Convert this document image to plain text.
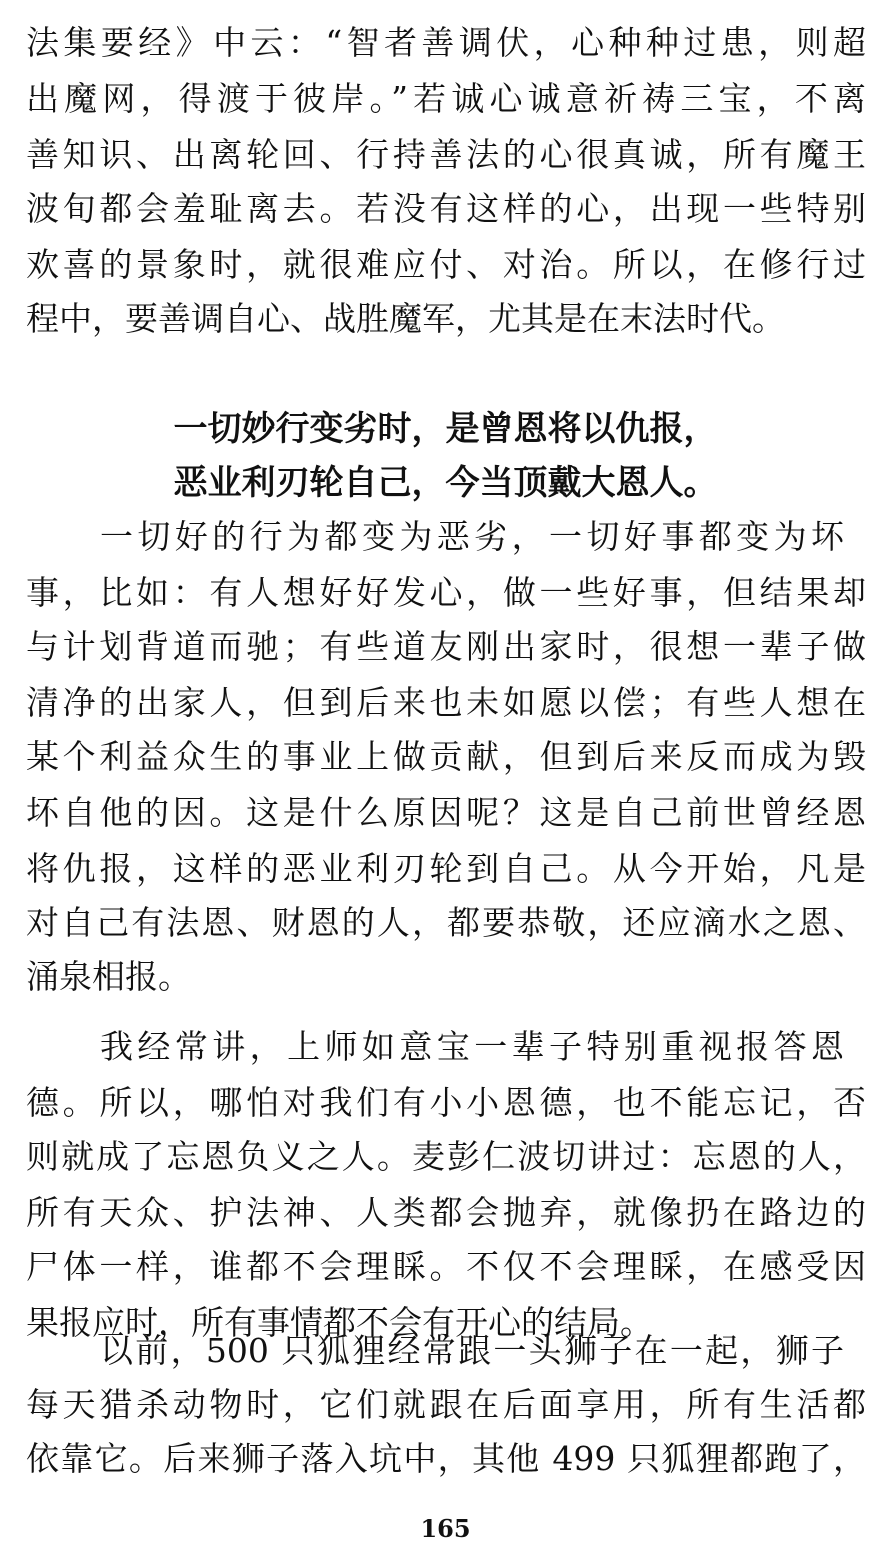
法集要经》中云：“智者善调伏，心种种过患，则超
出魔网，得渡于彼岸。”若诚心诚意祈祷三宝，不离
善知识、出离轮回、行持善法的心很真诚，所有魔王
波旬都会羞耻离去。若没有这样的心，出现一些特别
欢喜的景象时，就很难应付、对治。所以，在修行过
程中，要善调自心、战胜魔军，尤其是在末法时代。
一切妙行变劣时，是曾恩将以仇报，
恶业利刃轮自己，今当顶戴大恩人。
一切好的行为都变为恶劣，一切好事都变为坏
事，比如：有人想好好发心，做一些好事，但结果却
与计划背道而驰；有些道友刚出家时，很想一辈子做
清净的出家人，但到后来也未如愿以偿；有些人想在
某个利益众生的事业上做贡献，但到后来反而成为毁
坏自他的因。这是什么原因呢？这是自己前世曾经恩
将仇报，这样的恶业利刃轮到自己。从今开始，凡是
对自己有法恩、财恩的人，都要恭敬，还应滴水之恩、
涌泉相报。
我经常讲，上师如意宝一辈子特别重视报答恩
德。所以，哪怕对我们有小小恩德，也不能忘记，否
则就成了忘恩负义之人。麦彭仁波切讲过：忘恩的人，
所有天众、护法神、人类都会抛弃，就像扔在路边的
尸体一样，谁都不会理睬。不仅不会理睬，在感受因
果报应时，所有事情都不会有开心的结局。
以前，500 只狐狸经常跟一头狮子在一起，狮子
每天猎杀动物时，它们就跟在后面享用，所有生活都
依靠它。后来狮子落入坑中，其他 499 只狐狸都跑了，
165
